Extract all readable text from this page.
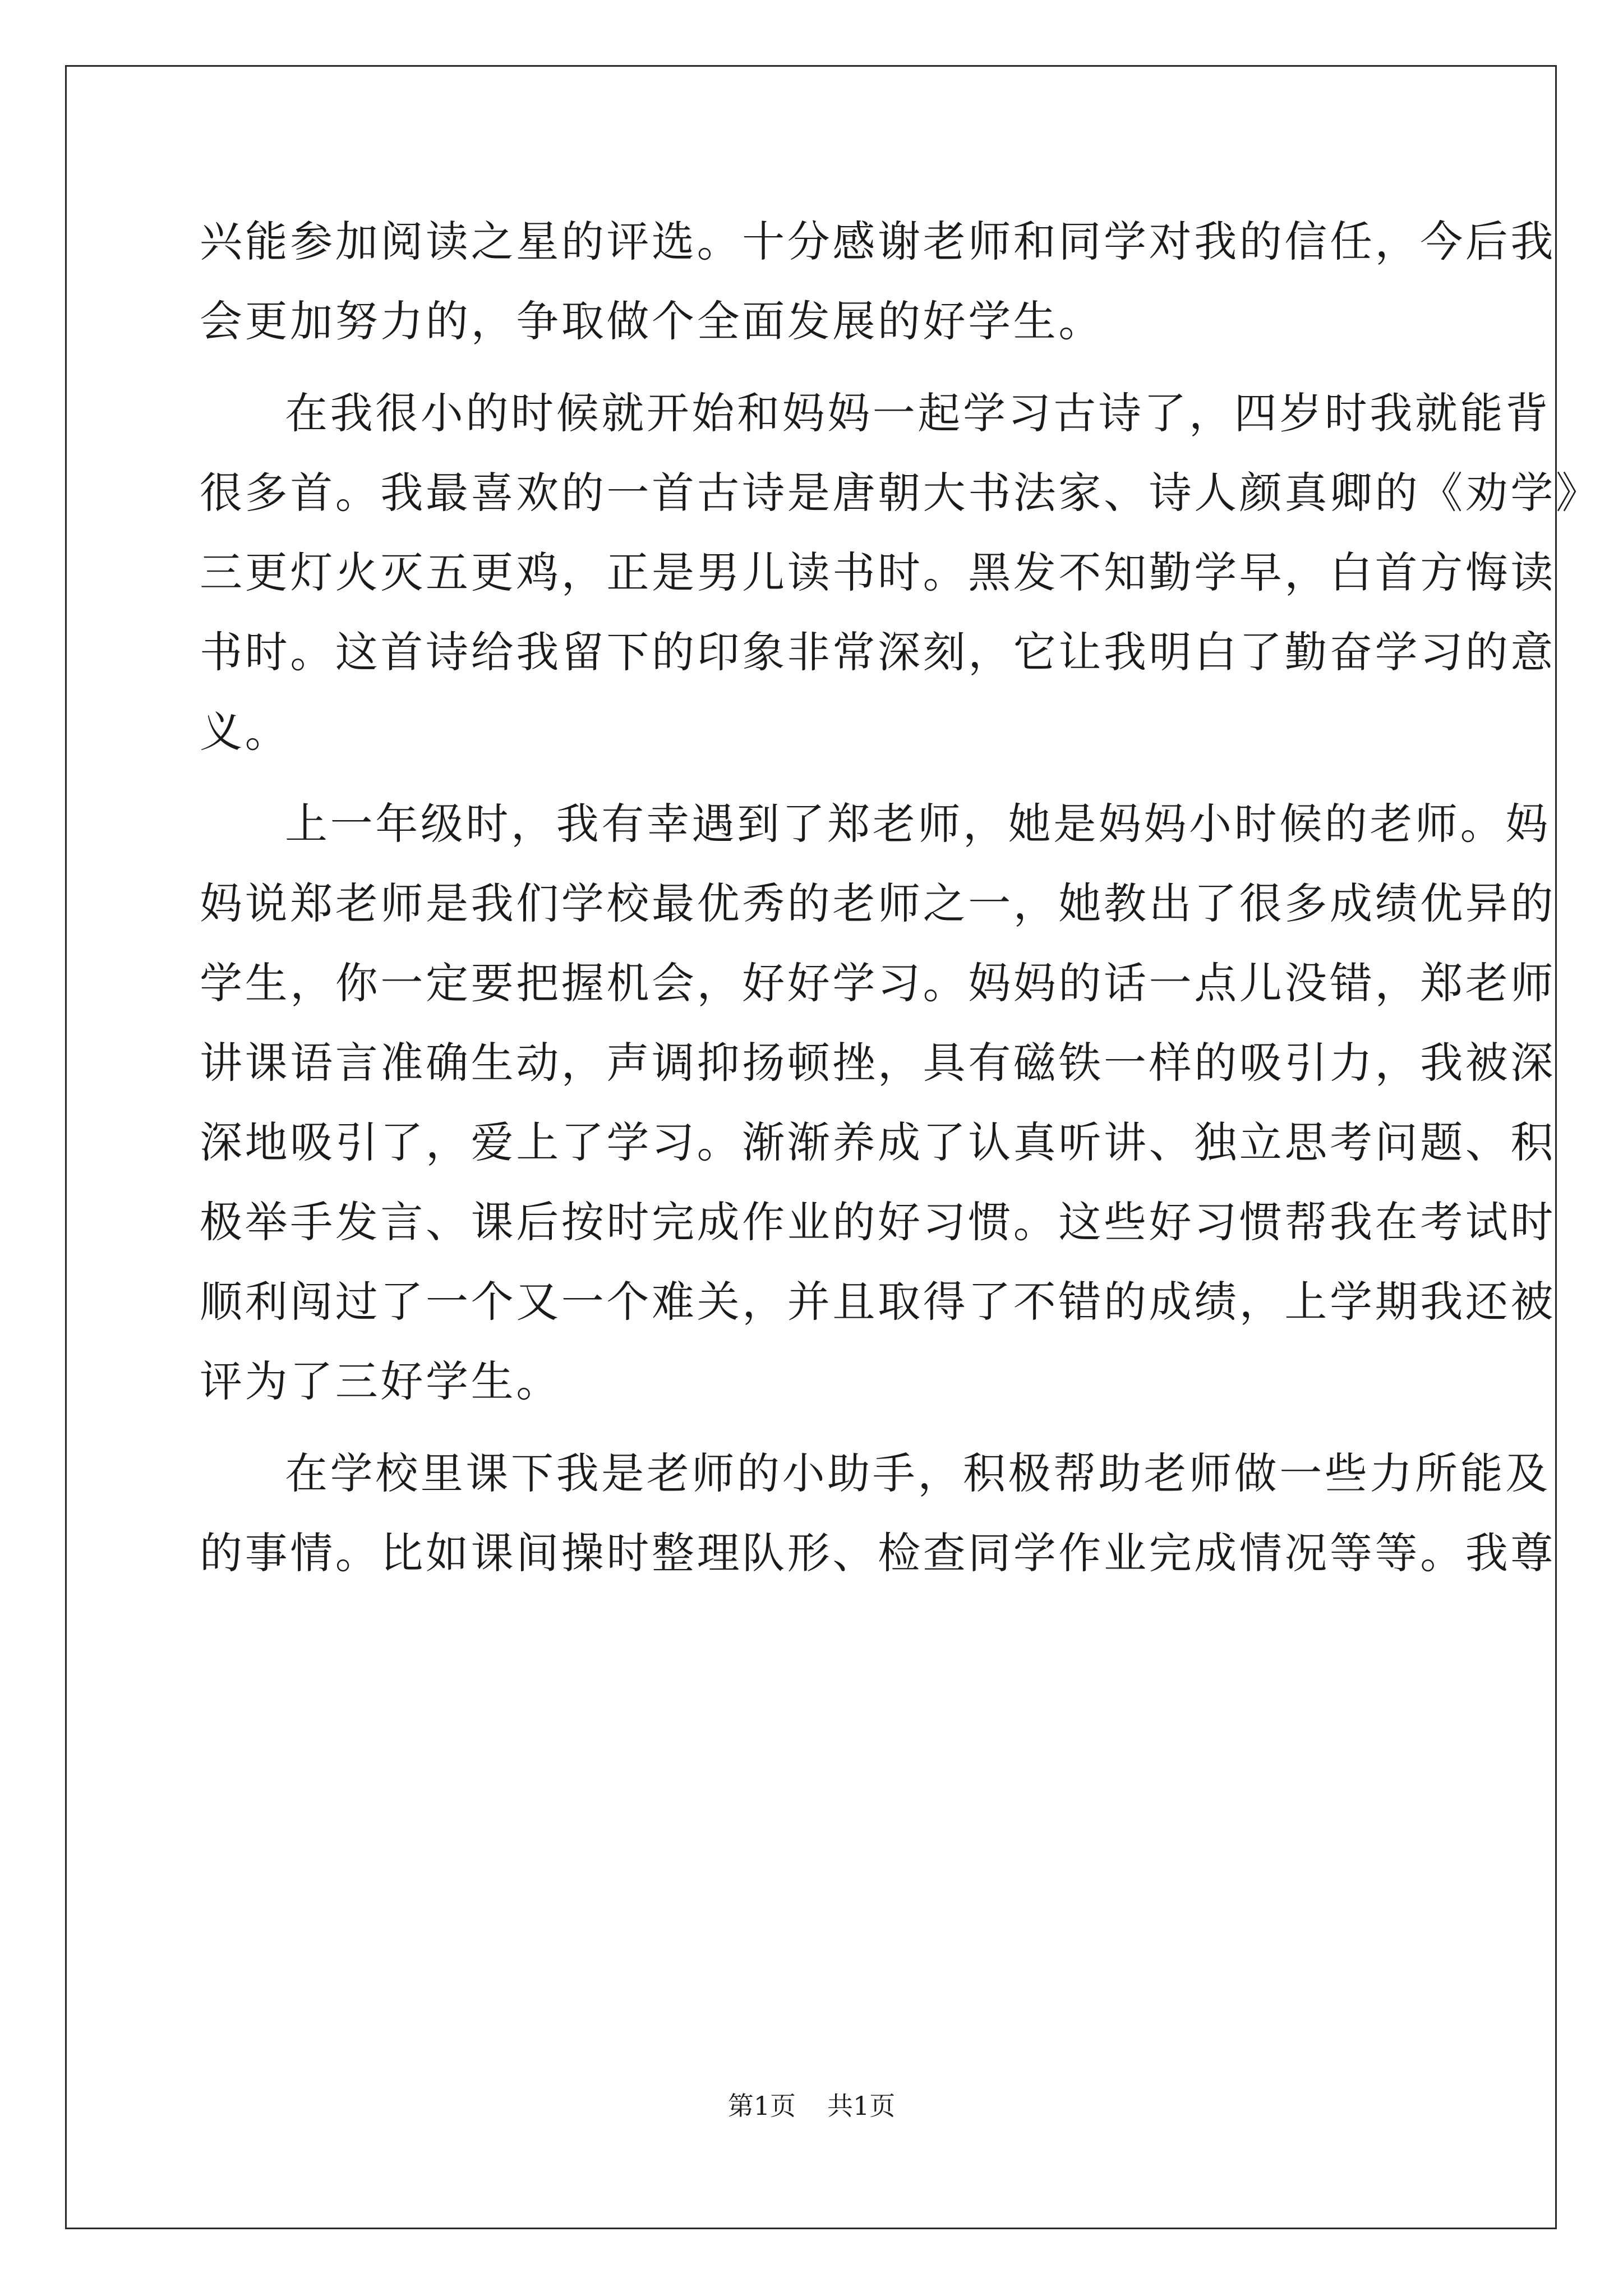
兴能参加阅读之星的评选。十分感谢老师和同学对我的信任，今后我
会更加努力的，争取做个全面发展的好学生。
在我很小的时候就开始和妈妈一起学习古诗了，四岁时我就能背
很多首。我最喜欢的一首古诗是唐朝大书法家、诗人颜真卿的《劝学》
三更灯火灭五更鸡，正是男儿读书时。黑发不知勤学早，白首方悔读
书时。这首诗给我留下的印象非常深刻，它让我明白了勤奋学习的意
义。
上一年级时，我有幸遇到了郑老师，她是妈妈小时候的老师。妈
妈说郑老师是我们学校最优秀的老师之一，她教出了很多成绩优异的
学生，你一定要把握机会，好好学习。妈妈的话一点儿没错，郑老师
讲课语言准确生动，声调抑扬顿挫，具有磁铁一样的吸引力，我被深
深地吸引了，爱上了学习。渐渐养成了认真听讲、独立思考问题、积
极举手发言、课后按时完成作业的好习惯。这些好习惯帮我在考试时
顺利闯过了一个又一个难关，并且取得了不错的成绩，上学期我还被
评为了三好学生。
在学校里课下我是老师的小助手，积极帮助老师做一些力所能及
的事情。比如课间操时整理队形、检查同学作业完成情况等等。我尊
第1页 共1页
